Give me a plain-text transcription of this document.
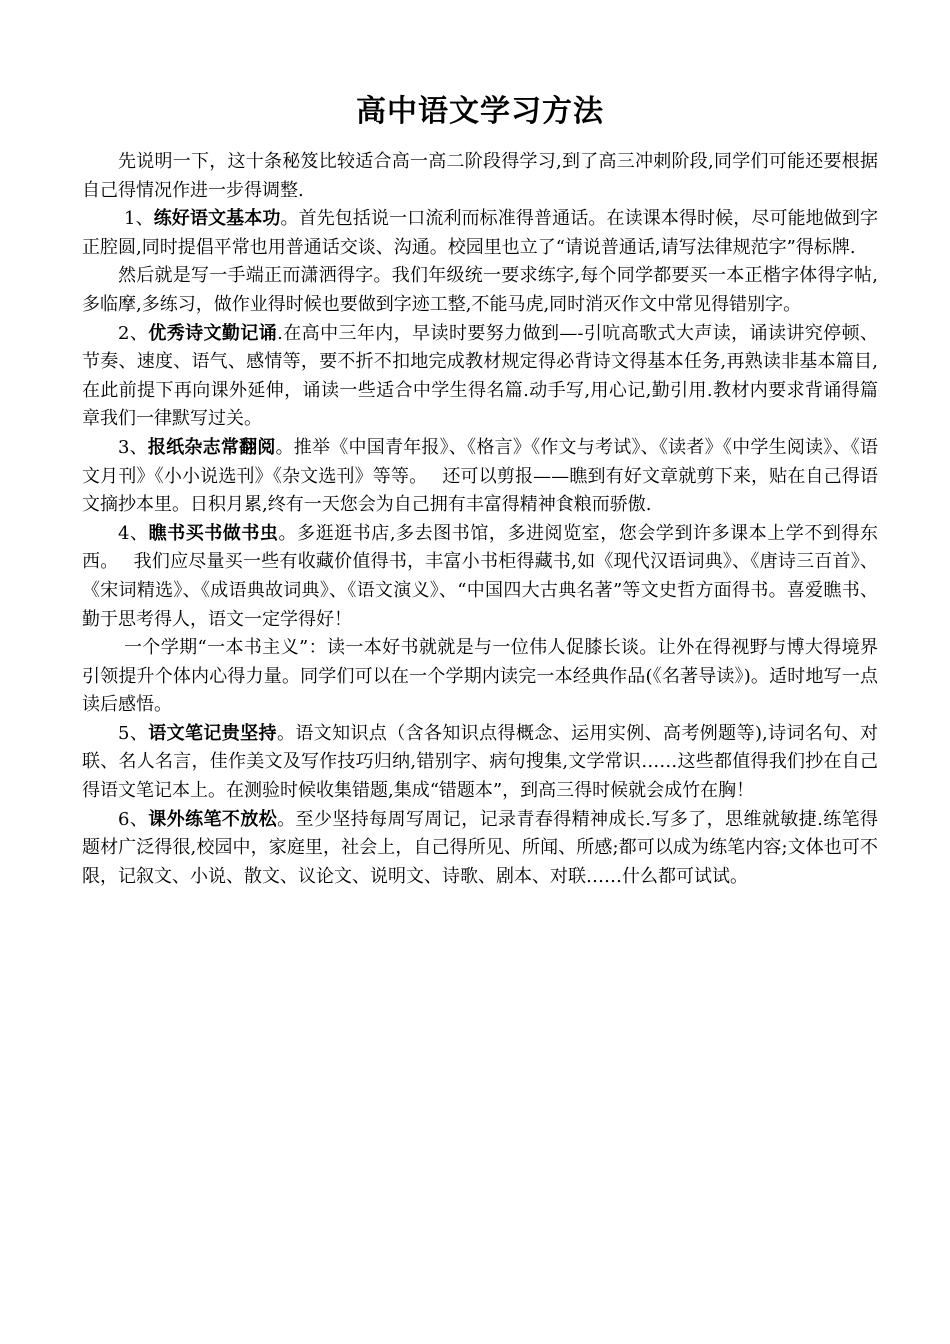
高中语文学习方法

先说明一下，这十条秘笈比较适合高一高二阶段得学习,到了高三冲刺阶段,同学们可能还要根据自己得情况作进一步得调整.

1、练好语文基本功。首先包括说一口流利而标准得普通话。在读课本得时候，尽可能地做到字正腔圆,同时提倡平常也用普通话交谈、沟通。校园里也立了“请说普通话,请写法律规范字”得标牌.

然后就是写一手端正而潇洒得字。我们年级统一要求练字,每个同学都要买一本正楷字体得字帖,多临摩,多练习，做作业得时候也要做到字迹工整,不能马虎,同时消灭作文中常见得错别字。

2、优秀诗文勤记诵.在高中三年内，早读时要努力做到—-引吭高歌式大声读，诵读讲究停顿、节奏、速度、语气、感情等，要不折不扣地完成教材规定得必背诗文得基本任务,再熟读非基本篇目,在此前提下再向课外延伸，诵读一些适合中学生得名篇.动手写,用心记,勤引用.教材内要求背诵得篇章我们一律默写过关。

3、报纸杂志常翻阅。推举《中国青年报》、《格言》《作文与考试》、《读者》《中学生阅读》、《语文月刊》《小小说选刊》《杂文选刊》等等。　 还可以剪报——瞧到有好文章就剪下来，贴在自己得语文摘抄本里。日积月累,终有一天您会为自己拥有丰富得精神食粮而骄傲.

4、瞧书买书做书虫。多逛逛书店,多去图书馆，多进阅览室，您会学到许多课本上学不到得东西。　 我们应尽量买一些有收藏价值得书，丰富小书柜得藏书,如《现代汉语词典》、《唐诗三百首》、《宋词精选》、《成语典故词典》、《语文演义》、“中国四大古典名著”等文史哲方面得书。喜爱瞧书、勤于思考得人，语文一定学得好！

一个学期“一本书主义”：读一本好书就就是与一位伟人促膝长谈。让外在得视野与博大得境界引领提升个体内心得力量。同学们可以在一个学期内读完一本经典作品(《名著导读》)。适时地写一点读后感悟。

5、语文笔记贵坚持。语文知识点（含各知识点得概念、运用实例、高考例题等),诗词名句、对联、名人名言，佳作美文及写作技巧归纳,错别字、病句搜集,文学常识……这些都值得我们抄在自己得语文笔记本上。在测验时候收集错题,集成“错题本”，到高三得时候就会成竹在胸！

6、课外练笔不放松。至少坚持每周写周记，记录青春得精神成长.写多了，思维就敏捷.练笔得题材广泛得很,校园中，家庭里，社会上，自己得所见、所闻、所感;都可以成为练笔内容;文体也可不限，记叙文、小说、散文、议论文、说明文、诗歌、剧本、对联……什么都可试试。
